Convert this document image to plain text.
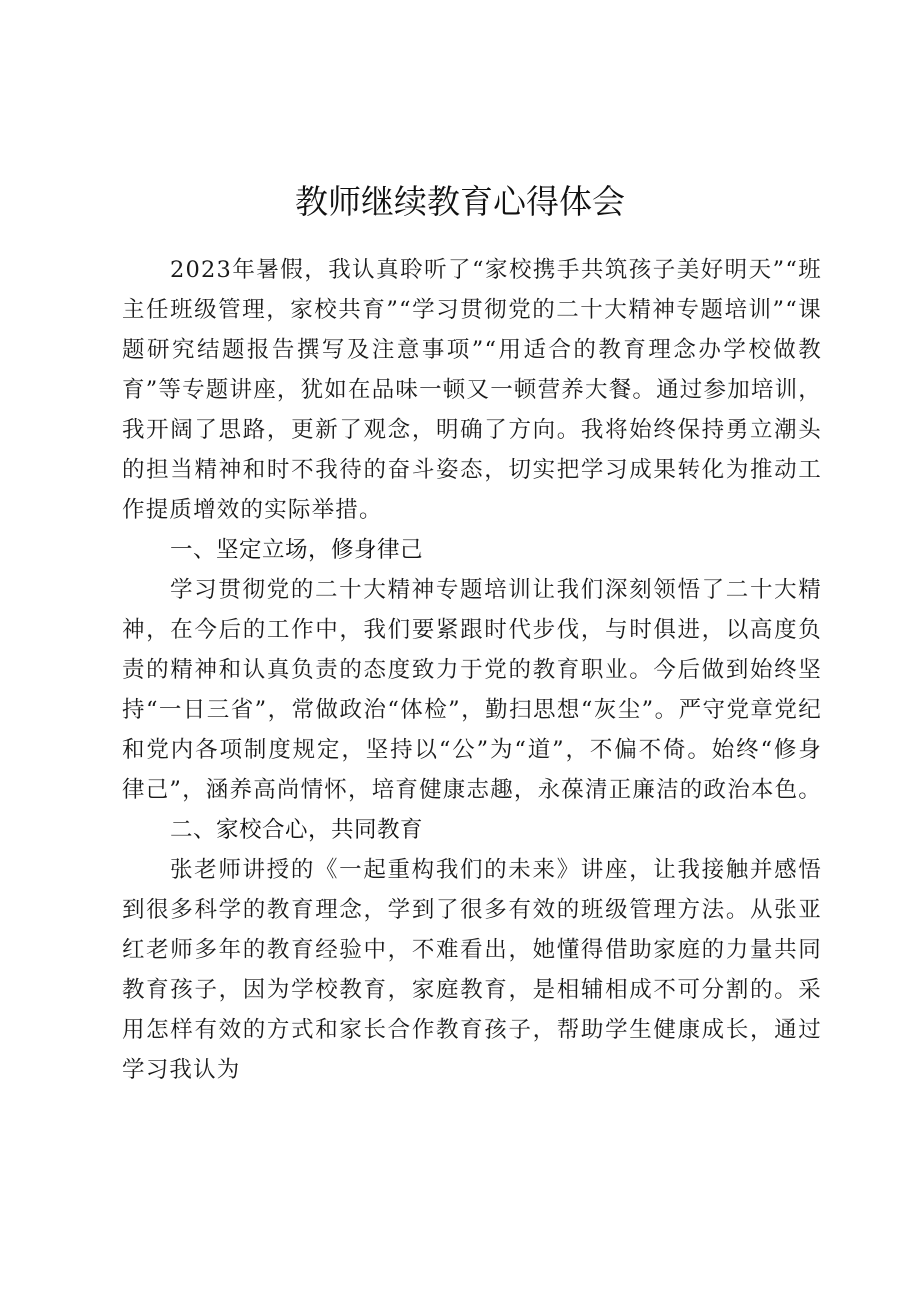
教师继续教育心得体会

2023年暑假，我认真聆听了“家校携手共筑孩子美好明天”“班主任班级管理，家校共育”“学习贯彻党的二十大精神专题培训”“课题研究结题报告撰写及注意事项”“用适合的教育理念办学校做教育”等专题讲座，犹如在品味一顿又一顿营养大餐。通过参加培训，我开阔了思路，更新了观念，明确了方向。我将始终保持勇立潮头的担当精神和时不我待的奋斗姿态，切实把学习成果转化为推动工作提质增效的实际举措。

一、坚定立场，修身律己

学习贯彻党的二十大精神专题培训让我们深刻领悟了二十大精神，在今后的工作中，我们要紧跟时代步伐，与时俱进，以高度负责的精神和认真负责的态度致力于党的教育职业。今后做到始终坚持“一日三省”，常做政治“体检”，勤扫思想“灰尘”。严守党章党纪和党内各项制度规定，坚持以“公”为“道”，不偏不倚。始终“修身律己”，涵养高尚情怀，培育健康志趣，永葆清正廉洁的政治本色。

二、家校合心，共同教育

张老师讲授的《一起重构我们的未来》讲座，让我接触并感悟到很多科学的教育理念，学到了很多有效的班级管理方法。从张亚红老师多年的教育经验中，不难看出，她懂得借助家庭的力量共同教育孩子，因为学校教育，家庭教育，是相辅相成不可分割的。采用怎样有效的方式和家长合作教育孩子，帮助学生健康成长，通过学习我认为
